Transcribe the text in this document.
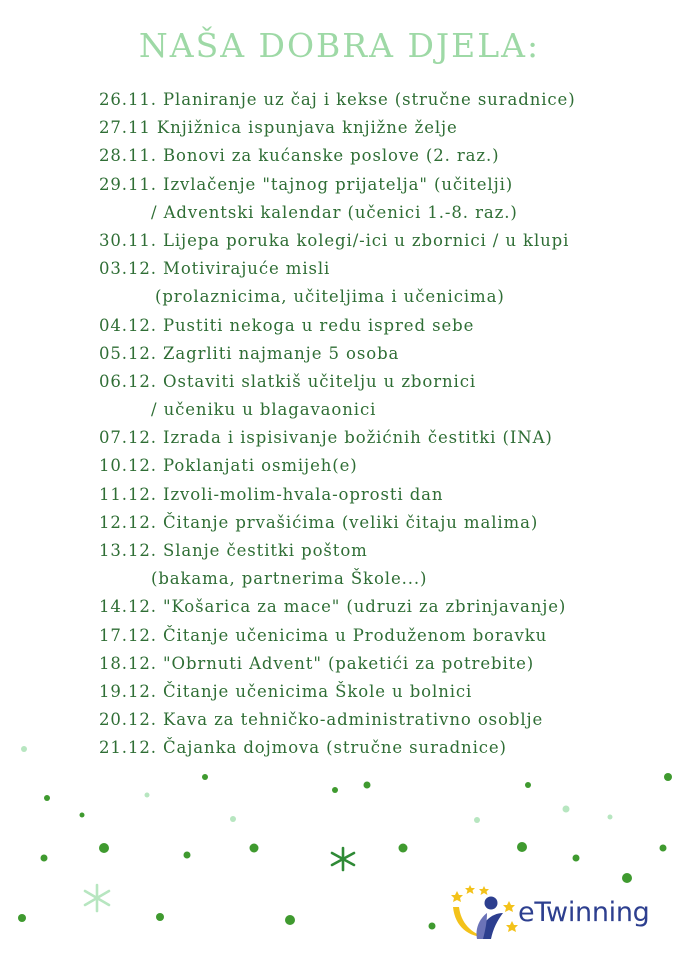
NAŠA DOBRA DJELA:
26.11. Planiranje uz čaj i kekse (stručne suradnice)
27.11 Knjižnica ispunjava knjižne želje
28.11. Bonovi za kućanske poslove (2. raz.)
29.11. Izvlačenje "tajnog prijatelja" (učitelji)
/ Adventski kalendar (učenici 1.-8. raz.)
30.11. Lijepa poruka kolegi/-ici u zbornici / u klupi
03.12. Motivirajuće misli
(prolaznicima, učiteljima i učenicima)
04.12. Pustiti nekoga u redu ispred sebe
05.12. Zagrliti najmanje 5 osoba
06.12. Ostaviti slatkiš učitelju u zbornici
/ učeniku u blagavaonici
07.12. Izrada i ispisivanje božićnih čestitki (INA)
10.12. Poklanjati osmijeh(e)
11.12. Izvoli-molim-hvala-oprosti dan
12.12. Čitanje prvašićima (veliki čitaju malima)
13.12. Slanje čestitki poštom
(bakama, partnerima Škole...)
14.12. "Košarica za mace" (udruzi za zbrinjavanje)
17.12. Čitanje učenicima u Produženom boravku
18.12. "Obrnuti Advent" (paketići za potrebite)
19.12. Čitanje učenicima Škole u bolnici
20.12. Kava za tehničko-administrativno osoblje
21.12. Čajanka dojmova (stručne suradnice)
eTwinning
